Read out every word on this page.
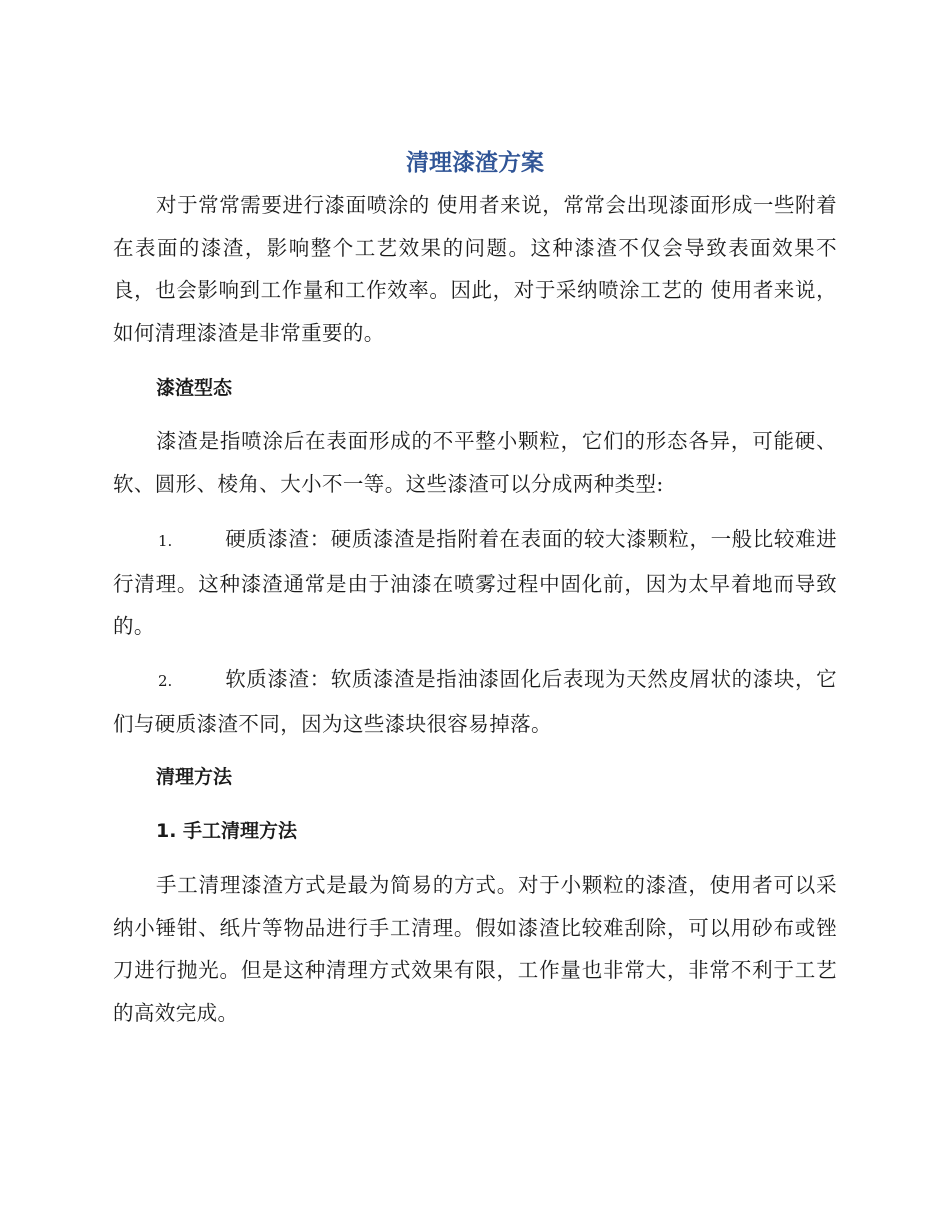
清理漆渣方案

对于常常需要进行漆面喷涂的 使用者来说，常常会出现漆面形成一些附着在表面的漆渣，影响整个工艺效果的问题。这种漆渣不仅会导致表面效果不良，也会影响到工作量和工作效率。因此，对于采纳喷涂工艺的 使用者来说，如何清理漆渣是非常重要的。

漆渣型态

漆渣是指喷涂后在表面形成的不平整小颗粒，它们的形态各异，可能硬、软、圆形、棱角、大小不一等。这些漆渣可以分成两种类型:

1.	硬质漆渣：硬质漆渣是指附着在表面的较大漆颗粒，一般比较难进行清理。这种漆渣通常是由于油漆在喷雾过程中固化前，因为太早着地而导致的。

2.	软质漆渣：软质漆渣是指油漆固化后表现为天然皮屑状的漆块，它们与硬质漆渣不同，因为这些漆块很容易掉落。

清理方法
1. 手工清理方法

手工清理漆渣方式是最为简易的方式。对于小颗粒的漆渣，使用者可以采纳小锤钳、纸片等物品进行手工清理。假如漆渣比较难刮除，可以用砂布或锉刀进行抛光。但是这种清理方式效果有限，工作量也非常大，非常不利于工艺的高效完成。
